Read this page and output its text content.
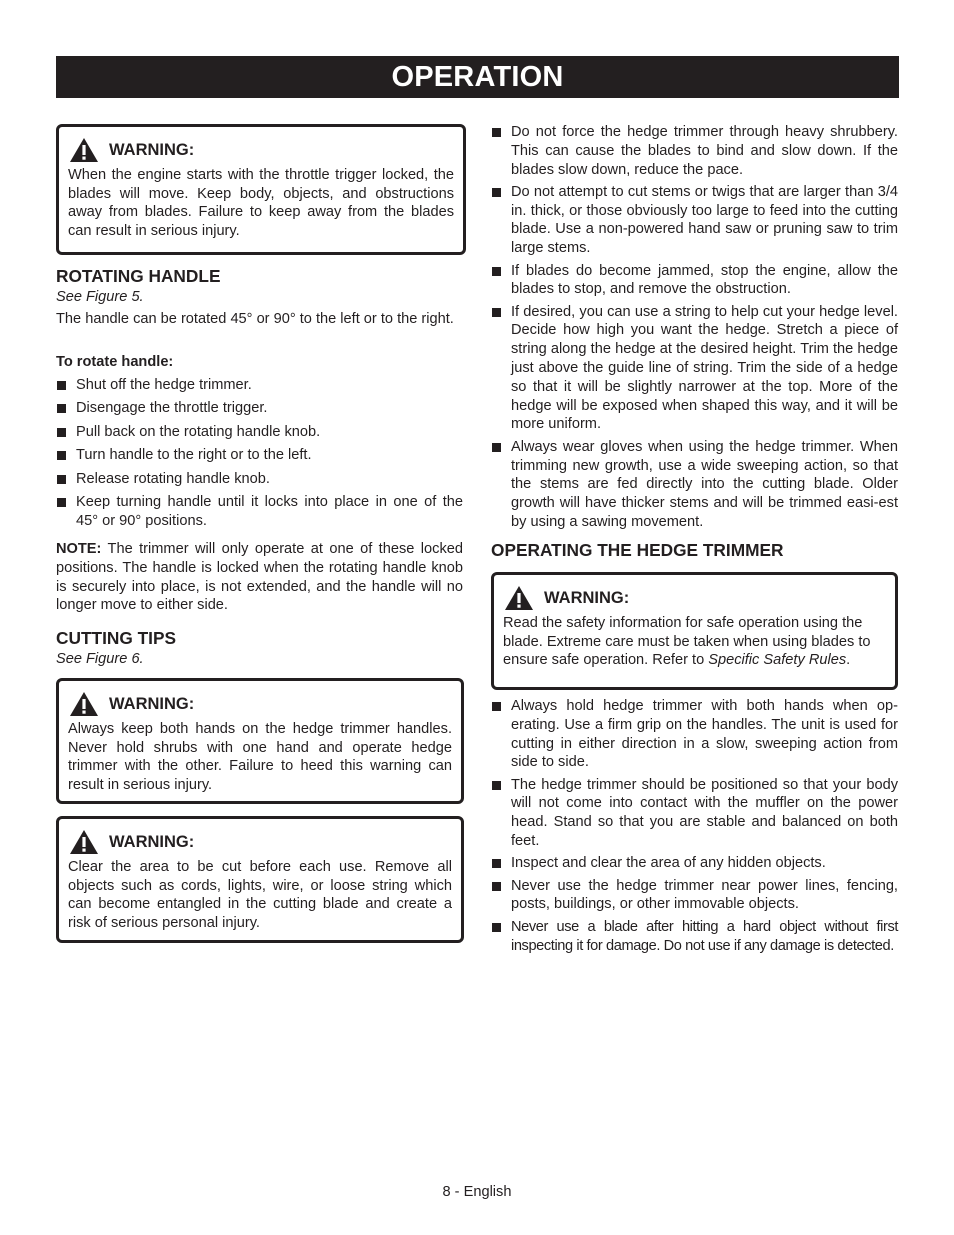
OPERATION
WARNING:
When the engine starts with the throttle trigger locked, the blades will move. Keep body, objects, and obstructions away from blades. Failure to keep away from the blades can result in serious injury.
ROTATING HANDLE
See Figure 5.
The handle can be rotated 45° or 90° to the left or to the right.
To rotate handle:
Shut off the hedge trimmer.
Disengage the throttle trigger.
Pull back on the rotating handle knob.
Turn handle to the right or to the left.
Release rotating handle knob.
Keep turning handle until it locks into place in one of the 45° or 90° positions.
NOTE: The trimmer will only operate at one of these locked positions. The handle is locked when the rotating handle knob is securely into place, is not extended, and the handle will no longer move to either side.
CUTTING TIPS
See Figure 6.
WARNING:
Always keep both hands on the hedge trimmer handles. Never hold shrubs with one hand and operate hedge trimmer with the other. Failure to heed this warning can result in serious injury.
WARNING:
Clear the area to be cut before each use. Remove all objects such as cords, lights, wire, or loose string which can become entangled in the cutting blade and create a risk of serious personal injury.
Do not force the hedge trimmer through heavy shrubbery. This can cause the blades to bind and slow down. If the blades slow down, reduce the pace.
Do not attempt to cut stems or twigs that are larger than 3/4 in. thick, or those obviously too large to feed into the cutting blade. Use a non-powered hand saw or pruning saw to trim large stems.
If blades do become jammed, stop the engine, allow the blades to stop, and remove the obstruction.
If desired, you can use a string to help cut your hedge level. Decide how high you want the hedge. Stretch a piece of string along the hedge at the desired height. Trim the hedge just above the guide line of string. Trim the side of a hedge so that it will be slightly narrower at the top. More of the hedge will be exposed when shaped this way, and it will be more uniform.
Always wear gloves when using the hedge trimmer. When trimming new growth, use a wide sweeping action, so that the stems are fed directly into the cutting blade. Older growth will have thicker stems and will be trimmed easi-est by using a sawing movement.
OPERATING THE HEDGE TRIMMER
WARNING:
Read the safety information for safe operation using the blade. Extreme care must be taken when using blades to ensure safe operation. Refer to Specific Safety Rules.
Always hold hedge trimmer with both hands when op-erating. Use a firm grip on the handles. The unit is used for cutting in either direction in a slow, sweeping action from side to side.
The hedge trimmer should be positioned so that your body will not come into contact with the muffler on the power head. Stand so that you are stable and balanced on both feet.
Inspect and clear the area of any hidden objects.
Never use the hedge trimmer near power lines, fencing, posts, buildings, or other immovable objects.
Never use a blade after hitting a hard object without first inspecting it for damage. Do not use if any damage is detected.
8 - English
